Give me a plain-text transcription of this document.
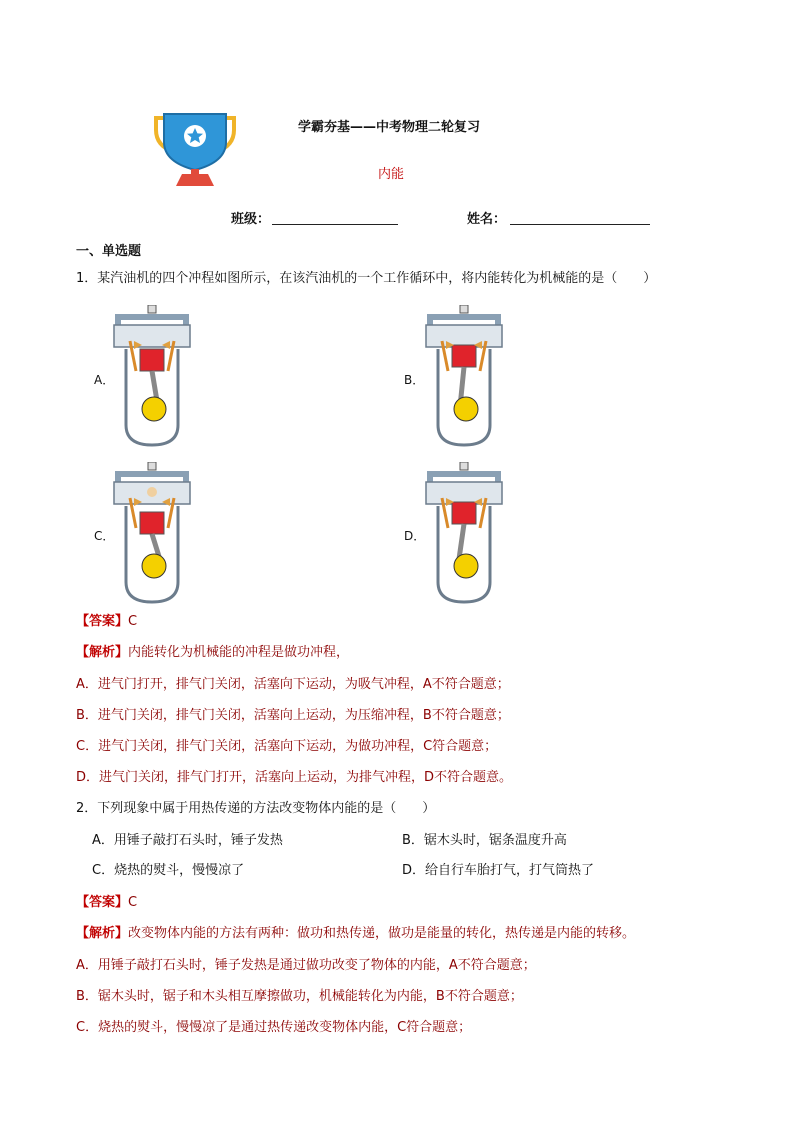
学霸夯基——中考物理二轮复习
内能
班级：	姓名：
一、单选题
1．某汽油机的四个冲程如图所示，在该汽油机的一个工作循环中，将内能转化为机械能的是（　　）
A．	B．
C．	D．
【答案】C
【解析】内能转化为机械能的冲程是做功冲程，
A．进气门打开，排气门关闭，活塞向下运动，为吸气冲程，A不符合题意；
B．进气门关闭，排气门关闭，活塞向上运动，为压缩冲程，B不符合题意；
C．进气门关闭，排气门关闭，活塞向下运动，为做功冲程，C符合题意；
D．进气门关闭，排气门打开，活塞向上运动，为排气冲程，D不符合题意。
2．下列现象中属于用热传递的方法改变物体内能的是（　　）
A．用锤子敲打石头时，锤子发热	B．锯木头时，锯条温度升高
C．烧热的熨斗，慢慢凉了	D．给自行车胎打气，打气筒热了
【答案】C
【解析】改变物体内能的方法有两种：做功和热传递，做功是能量的转化，热传递是内能的转移。
A．用锤子敲打石头时，锤子发热是通过做功改变了物体的内能，A不符合题意；
B．锯木头时，锯子和木头相互摩擦做功，机械能转化为内能，B不符合题意；
C．烧热的熨斗，慢慢凉了是通过热传递改变物体内能，C符合题意；
